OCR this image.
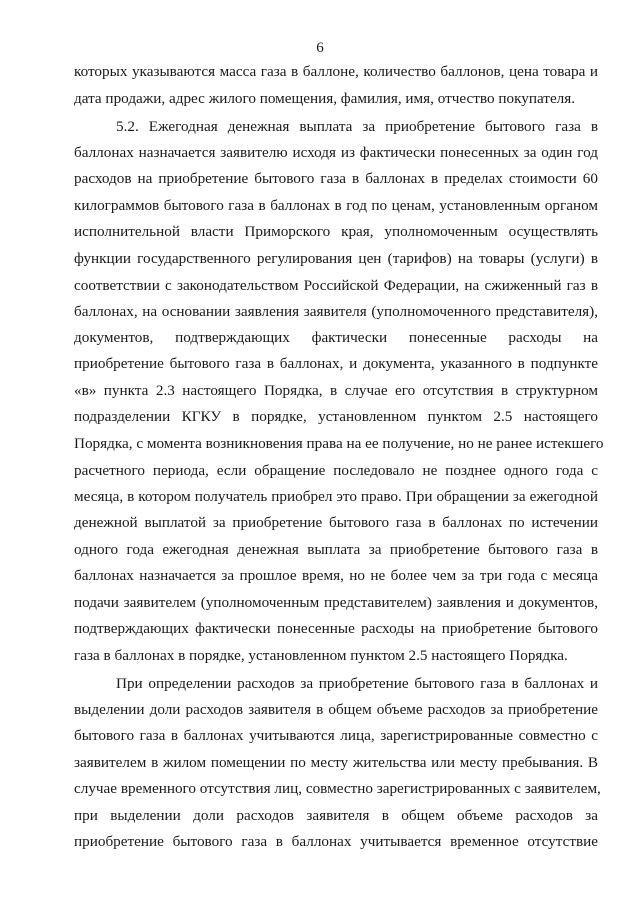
6
которых указываются масса газа в баллоне, количество баллонов, цена товара и
дата продажи, адрес жилого помещения, фамилия, имя, отчество покупателя.
5.2. Ежегодная денежная выплата за приобретение бытового газа в
баллонах назначается заявителю исходя из фактически понесенных за один год
расходов на приобретение бытового газа в баллонах в пределах стоимости 60
килограммов бытового газа в баллонах в год по ценам, установленным органом
исполнительной власти Приморского края, уполномоченным осуществлять
функции государственного регулирования цен (тарифов) на товары (услуги) в
соответствии с законодательством Российской Федерации, на сжиженный газ в
баллонах, на основании заявления заявителя (уполномоченного представителя),
документов, подтверждающих фактически понесенные расходы на
приобретение бытового газа в баллонах, и документа, указанного в подпункте
«в» пункта 2.3 настоящего Порядка, в случае его отсутствия в структурном
подразделении КГКУ в порядке, установленном пунктом 2.5 настоящего
Порядка, с момента возникновения права на ее получение, но не ранее истекшего
расчетного периода, если обращение последовало не позднее одного года с
месяца, в котором получатель приобрел это право. При обращении за ежегодной
денежной выплатой за приобретение бытового газа в баллонах по истечении
одного года ежегодная денежная выплата за приобретение бытового газа в
баллонах назначается за прошлое время, но не более чем за три года с месяца
подачи заявителем (уполномоченным представителем) заявления и документов,
подтверждающих фактически понесенные расходы на приобретение бытового
газа в баллонах в порядке, установленном пунктом 2.5 настоящего Порядка.
При определении расходов за приобретение бытового газа в баллонах и
выделении доли расходов заявителя в общем объеме расходов за приобретение
бытового газа в баллонах учитываются лица, зарегистрированные совместно с
заявителем в жилом помещении по месту жительства или месту пребывания. В
случае временного отсутствия лиц, совместно зарегистрированных с заявителем,
при выделении доли расходов заявителя в общем объеме расходов за
приобретение бытового газа в баллонах учитывается временное отсутствие
